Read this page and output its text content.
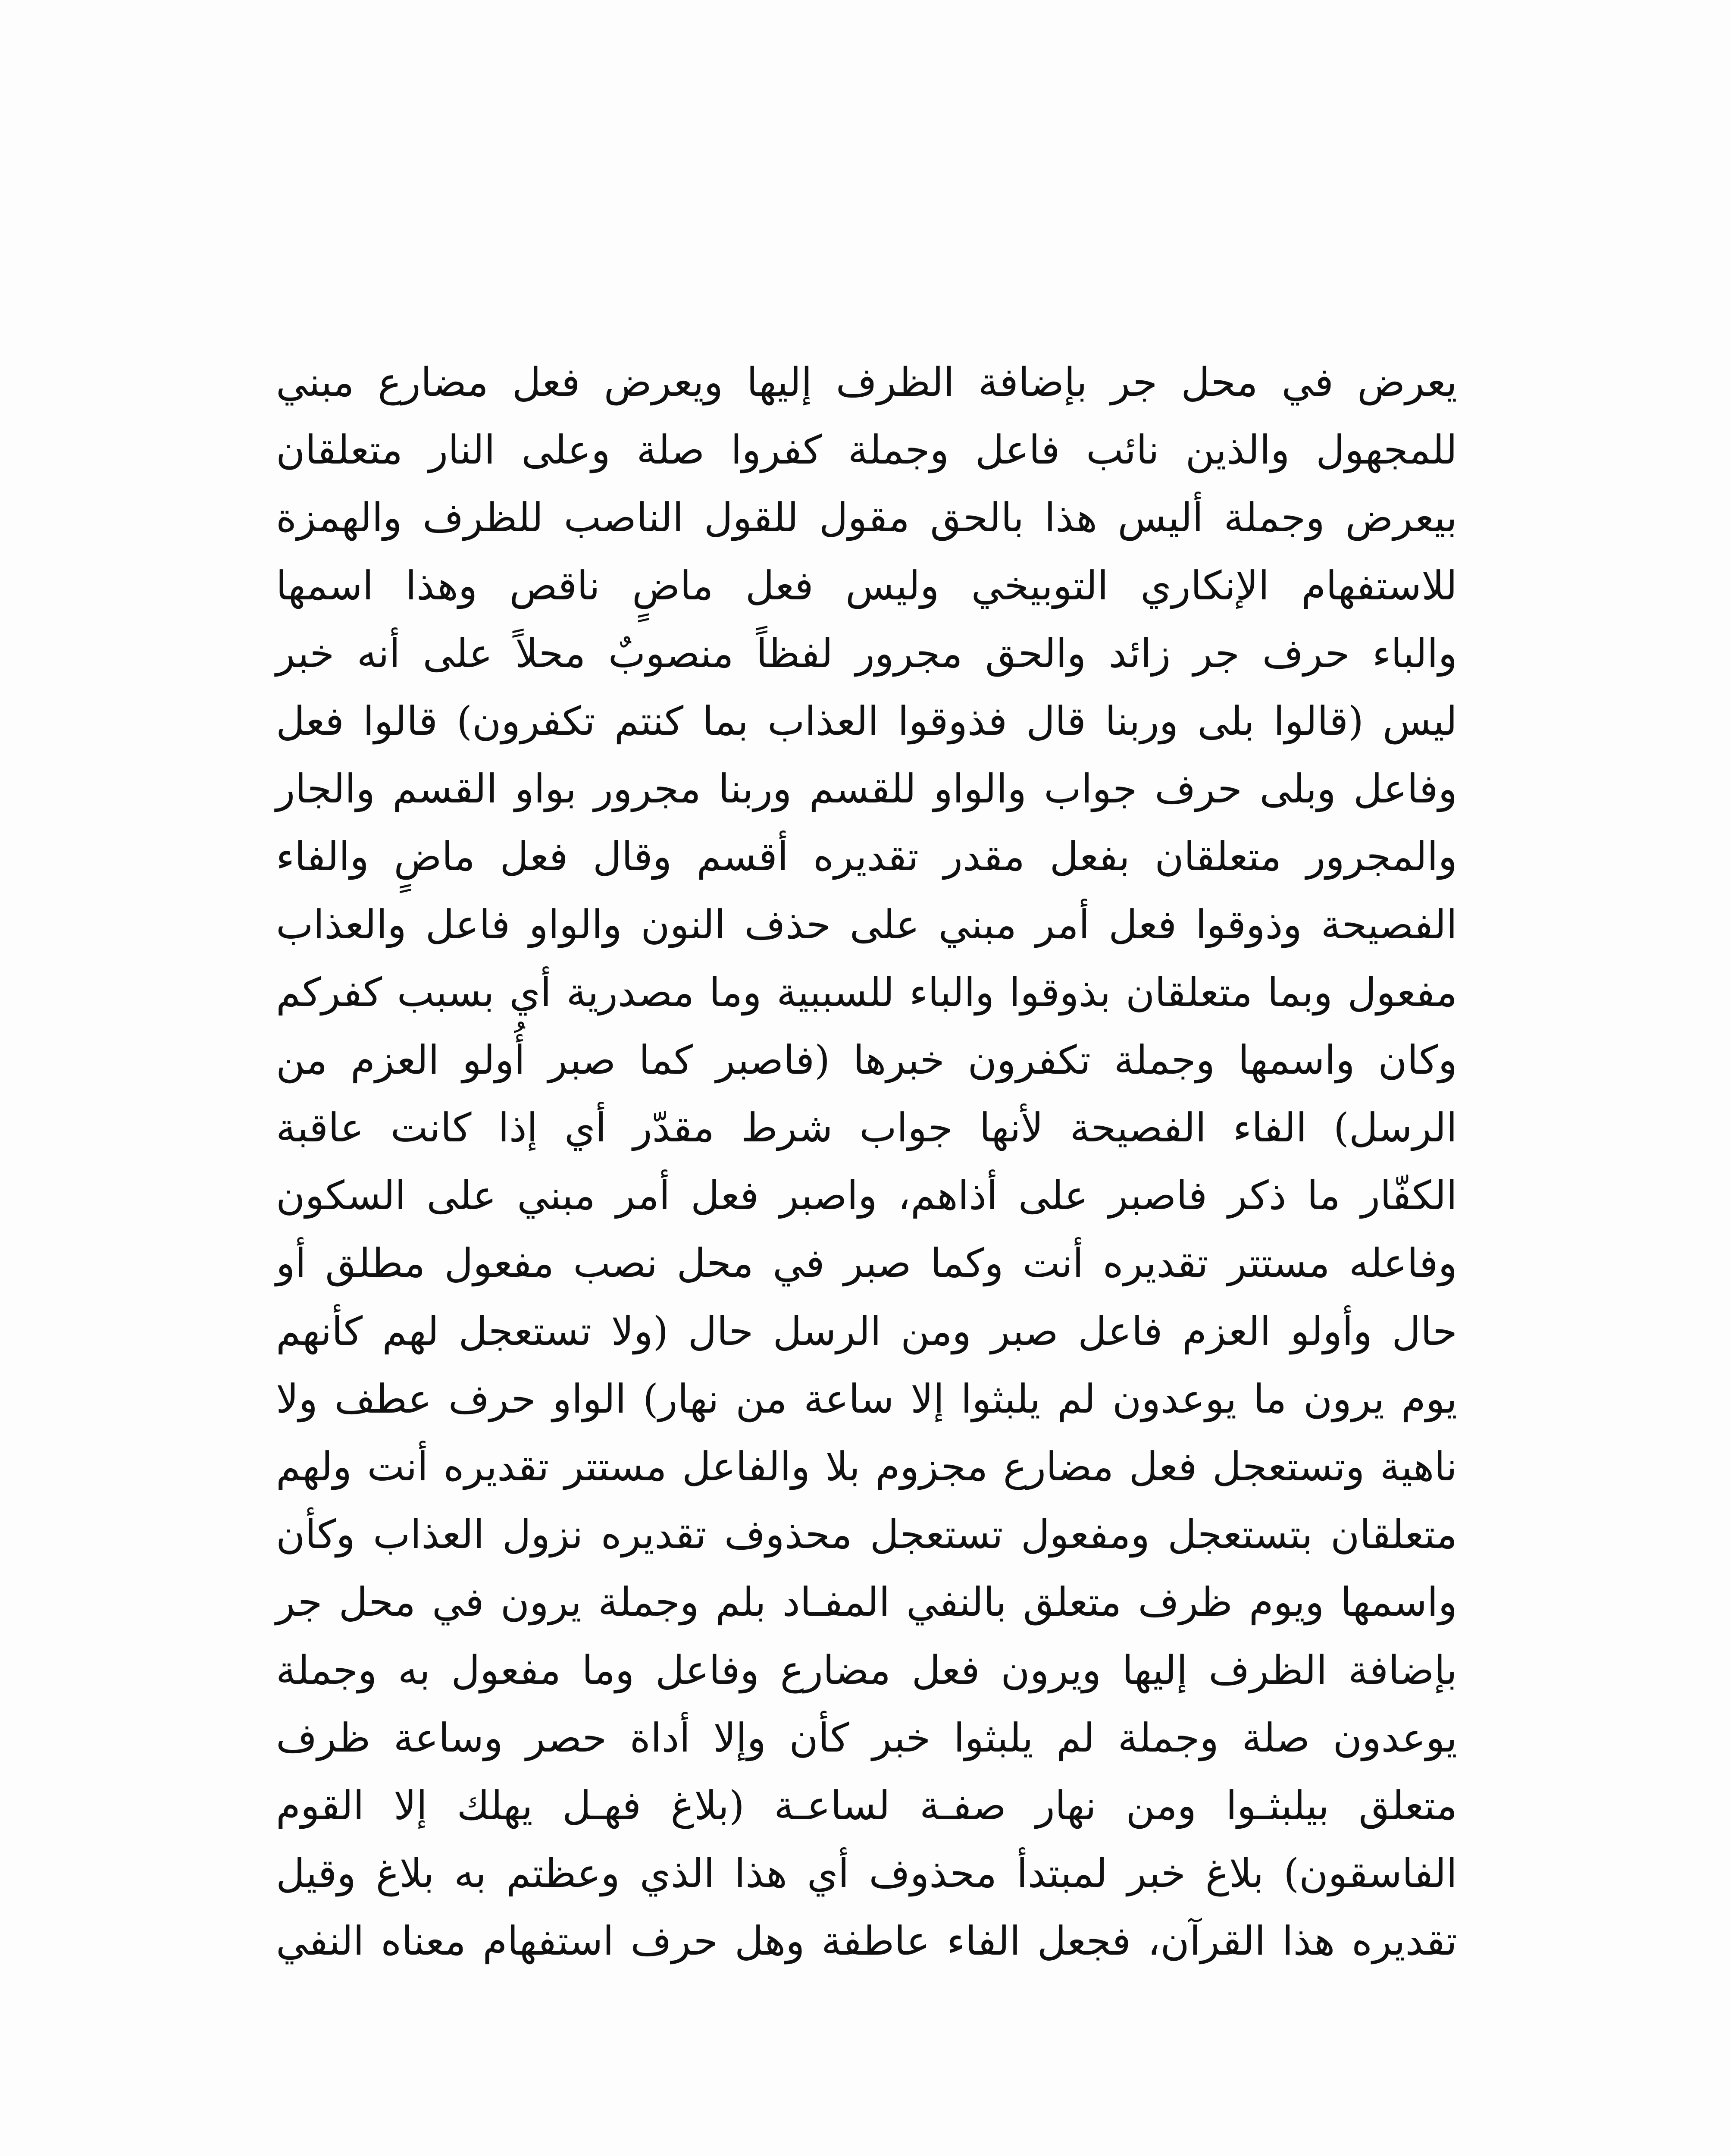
يعرض في محل جر بإضافة الظرف إليها ويعرض فعل مضارع مبني
للمجهول والذين نائب فاعل وجملة كفروا صلة وعلى النار متعلقان
بيعرض وجملة أليس هذا بالحق مقول للقول الناصب للظرف والهمزة
للاستفهام الإنكاري التوبيخي وليس فعل ماضٍ ناقص وهذا اسمها
والباء حرف جر زائد والحق مجرور لفظاً منصوبٌ محلاً على أنه خبر
ليس (قالوا بلى وربنا قال فذوقوا العذاب بما كنتم تكفرون) قالوا فعل
وفاعل وبلى حرف جواب والواو للقسم وربنا مجرور بواو القسم والجار
والمجرور متعلقان بفعل مقدر تقديره أقسم وقال فعل ماضٍ والفاء
الفصيحة وذوقوا فعل أمر مبني على حذف النون والواو فاعل والعذاب
مفعول وبما متعلقان بذوقوا والباء للسببية وما مصدرية أي بسبب كفركم
وكان واسمها وجملة تكفرون خبرها (فاصبر كما صبر أُولو العزم من
الرسل) الفاء الفصيحة لأنها جواب شرط مقدّر أي إذا كانت عاقبة
الكفّار ما ذكر فاصبر على أذاهم، واصبر فعل أمر مبني على السكون
وفاعله مستتر تقديره أنت وكما صبر في محل نصب مفعول مطلق أو
حال وأولو العزم فاعل صبر ومن الرسل حال (ولا تستعجل لهم كأنهم
يوم يرون ما يوعدون لم يلبثوا إلا ساعة من نهار) الواو حرف عطف ولا
ناهية وتستعجل فعل مضارع مجزوم بلا والفاعل مستتر تقديره أنت ولهم
متعلقان بتستعجل ومفعول تستعجل محذوف تقديره نزول العذاب وكأن
واسمها ويوم ظرف متعلق بالنفي المفـاد بلم وجملة يرون في محل جر
بإضافة الظرف إليها ويرون فعل مضارع وفاعل وما مفعول به وجملة
يوعدون صلة وجملة لم يلبثوا خبر كأن وإلا أداة حصر وساعة ظرف
متعلق بيلبثـوا ومن نهار صفـة لساعـة (بلاغ فهـل يهلك إلا القوم
الفاسقون) بلاغ خبر لمبتدأ محذوف أي هذا الذي وعظتم به بلاغ وقيل
تقديره هذا القرآن، فجعل الفاء عاطفة وهل حرف استفهام معناه النفي
